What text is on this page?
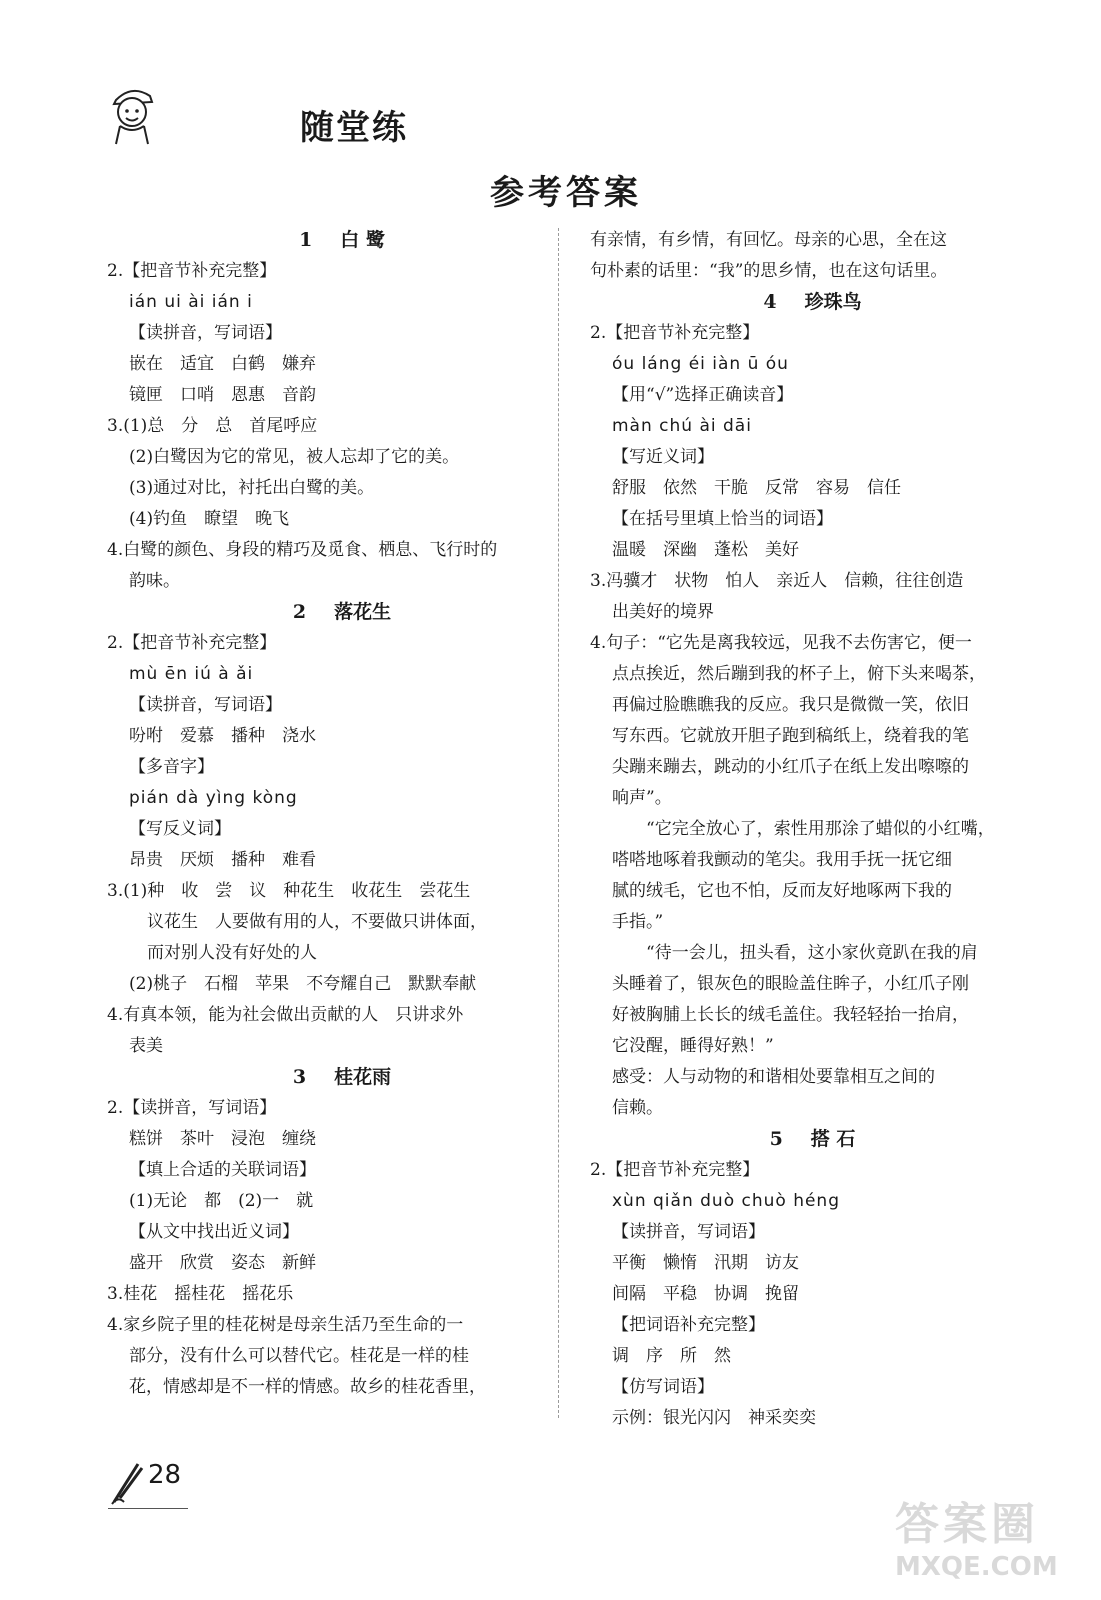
随堂练
参考答案
1 白 鹭
2.【把音节补充完整】
ián ui ài ián i
【读拼音，写词语】
嵌在　适宜　白鹤　嫌弃
镜匣　口哨　恩惠　音韵
3.(1)总　分　总　首尾呼应
(2)白鹭因为它的常见，被人忘却了它的美。
(3)通过对比，衬托出白鹭的美。
(4)钓鱼　瞭望　晚飞
4.白鹭的颜色、身段的精巧及觅食、栖息、飞行时的
韵味。
2 落花生
2.【把音节补充完整】
mù ēn iú à ǎi
【读拼音，写词语】
吩咐　爱慕　播种　浇水
【多音字】
pián dà yìng kòng
【写反义词】
昂贵　厌烦　播种　难看
3.(1)种　收　尝　议　种花生　收花生　尝花生
议花生　人要做有用的人，不要做只讲体面，
而对别人没有好处的人
(2)桃子　石榴　苹果　不夸耀自己　默默奉献
4.有真本领，能为社会做出贡献的人　只讲求外
表美
3 桂花雨
2.【读拼音，写词语】
糕饼　茶叶　浸泡　缠绕
【填上合适的关联词语】
(1)无论　都　(2)一　就
【从文中找出近义词】
盛开　欣赏　姿态　新鲜
3.桂花　摇桂花　摇花乐
4.家乡院子里的桂花树是母亲生活乃至生命的一
部分，没有什么可以替代它。桂花是一样的桂
花，情感却是不一样的情感。故乡的桂花香里，
有亲情，有乡情，有回忆。母亲的心思，全在这
句朴素的话里：“我”的思乡情，也在这句话里。
4 珍珠鸟
2.【把音节补充完整】
óu láng éi iàn ū óu
【用“√”选择正确读音】
màn chú ài dāi
【写近义词】
舒服　依然　干脆　反常　容易　信任
【在括号里填上恰当的词语】
温暖　深幽　蓬松　美好
3.冯骥才　状物　怕人　亲近人　信赖，往往创造
出美好的境界
4.句子：“它先是离我较远，见我不去伤害它，便一
点点挨近，然后蹦到我的杯子上，俯下头来喝茶，
再偏过脸瞧瞧我的反应。我只是微微一笑，依旧
写东西。它就放开胆子跑到稿纸上，绕着我的笔
尖蹦来蹦去，跳动的小红爪子在纸上发出嚓嚓的
响声”。
“它完全放心了，索性用那涂了蜡似的小红嘴，
嗒嗒地啄着我颤动的笔尖。我用手抚一抚它细
腻的绒毛，它也不怕，反而友好地啄两下我的
手指。”
“待一会儿，扭头看，这小家伙竟趴在我的肩
头睡着了，银灰色的眼睑盖住眸子，小红爪子刚
好被胸脯上长长的绒毛盖住。我轻轻抬一抬肩，
它没醒，睡得好熟！”
感受：人与动物的和谐相处要靠相互之间的
信赖。
5 搭 石
2.【把音节补充完整】
xùn qiǎn duò chuò héng
【读拼音，写词语】
平衡　懒惰　汛期　访友
间隔　平稳　协调　挽留
【把词语补充完整】
调　序　所　然
【仿写词语】
示例：银光闪闪　神采奕奕
28
答案圈
MXQE.COM
